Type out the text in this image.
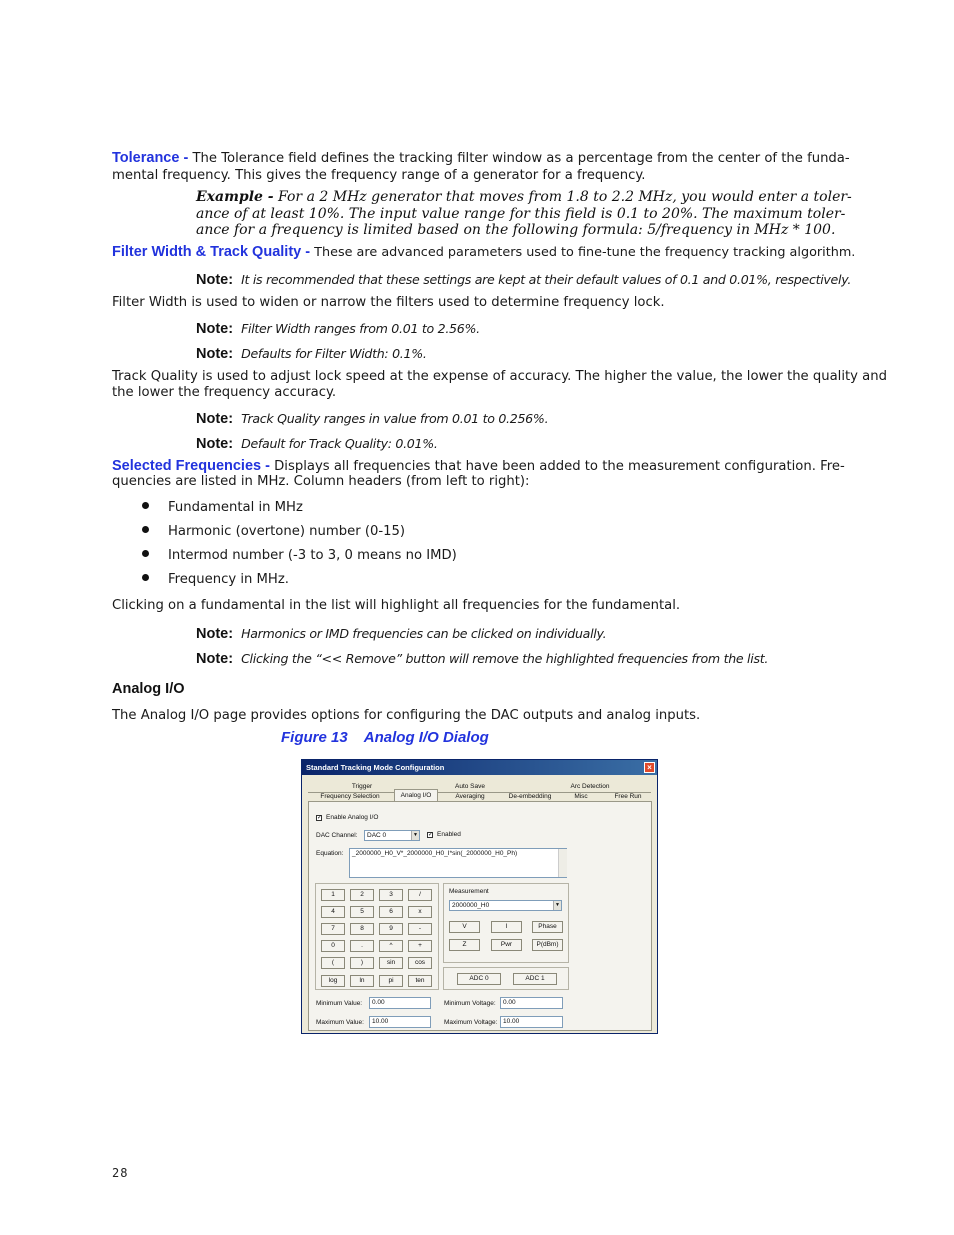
Tolerance - The Tolerance field defines the tracking filter window as a percentage from the center of the funda-
mental frequency. This gives the frequency range of a generator for a frequency.
Example - For a 2 MHz generator that moves from 1.8 to 2.2 MHz, you would enter a toler-
ance of at least 10%. The input value range for this field is 0.1 to 20%. The maximum toler-
ance for a frequency is limited based on the following formula: 5/frequency in MHz * 100.
Filter Width & Track Quality - These are advanced parameters used to fine-tune the frequency tracking algorithm.
Note: It is recommended that these settings are kept at their default values of 0.1 and 0.01%, respectively.
Filter Width is used to widen or narrow the filters used to determine frequency lock.
Note: Filter Width ranges from 0.01 to 2.56%.
Note: Defaults for Filter Width: 0.1%.
Track Quality is used to adjust lock speed at the expense of accuracy. The higher the value, the lower the quality and
the lower the frequency accuracy.
Note: Track Quality ranges in value from 0.01 to 0.256%.
Note: Default for Track Quality: 0.01%.
Selected Frequencies - Displays all frequencies that have been added to the measurement configuration. Fre-
quencies are listed in MHz. Column headers (from left to right):
Fundamental in MHz
Harmonic (overtone) number (0-15)
Intermod number (-3 to 3, 0 means no IMD)
Frequency in MHz.
Clicking on a fundamental in the list will highlight all frequencies for the fundamental.
Note: Harmonics or IMD frequencies can be clicked on individually.
Note: Clicking the “<< Remove” button will remove the highlighted frequencies from the list.
Analog I/O
The Analog I/O page provides options for configuring the DAC outputs and analog inputs.
Figure 13    Analog I/O Dialog
Standard Tracking Mode Configuration	×
Trigger	Auto Save	Arc Detection
Frequency Selection	Analog I/O	Averaging	De-embedding	Misc	Free Run
✓ Enable Analog I/O
DAC Channel:	DAC 0	▼ ✓ Enabled
Equation:	_2000000_H0_V*_2000000_H0_I*sin(_2000000_H0_Ph)
1	2	3	/
4	5	6	x
7	8	9	-
0	.	^	+
(	)	sin	cos
log	ln	pi	ten
Measurement
2000000_H0	▼
V	I	Phase
Z	Pwr	P(dBm)
ADC 0	ADC 1
Minimum Value:	0.00
Maximum Value:	10.00
Minimum Voltage:	0.00
Maximum Voltage: 10.00
28
